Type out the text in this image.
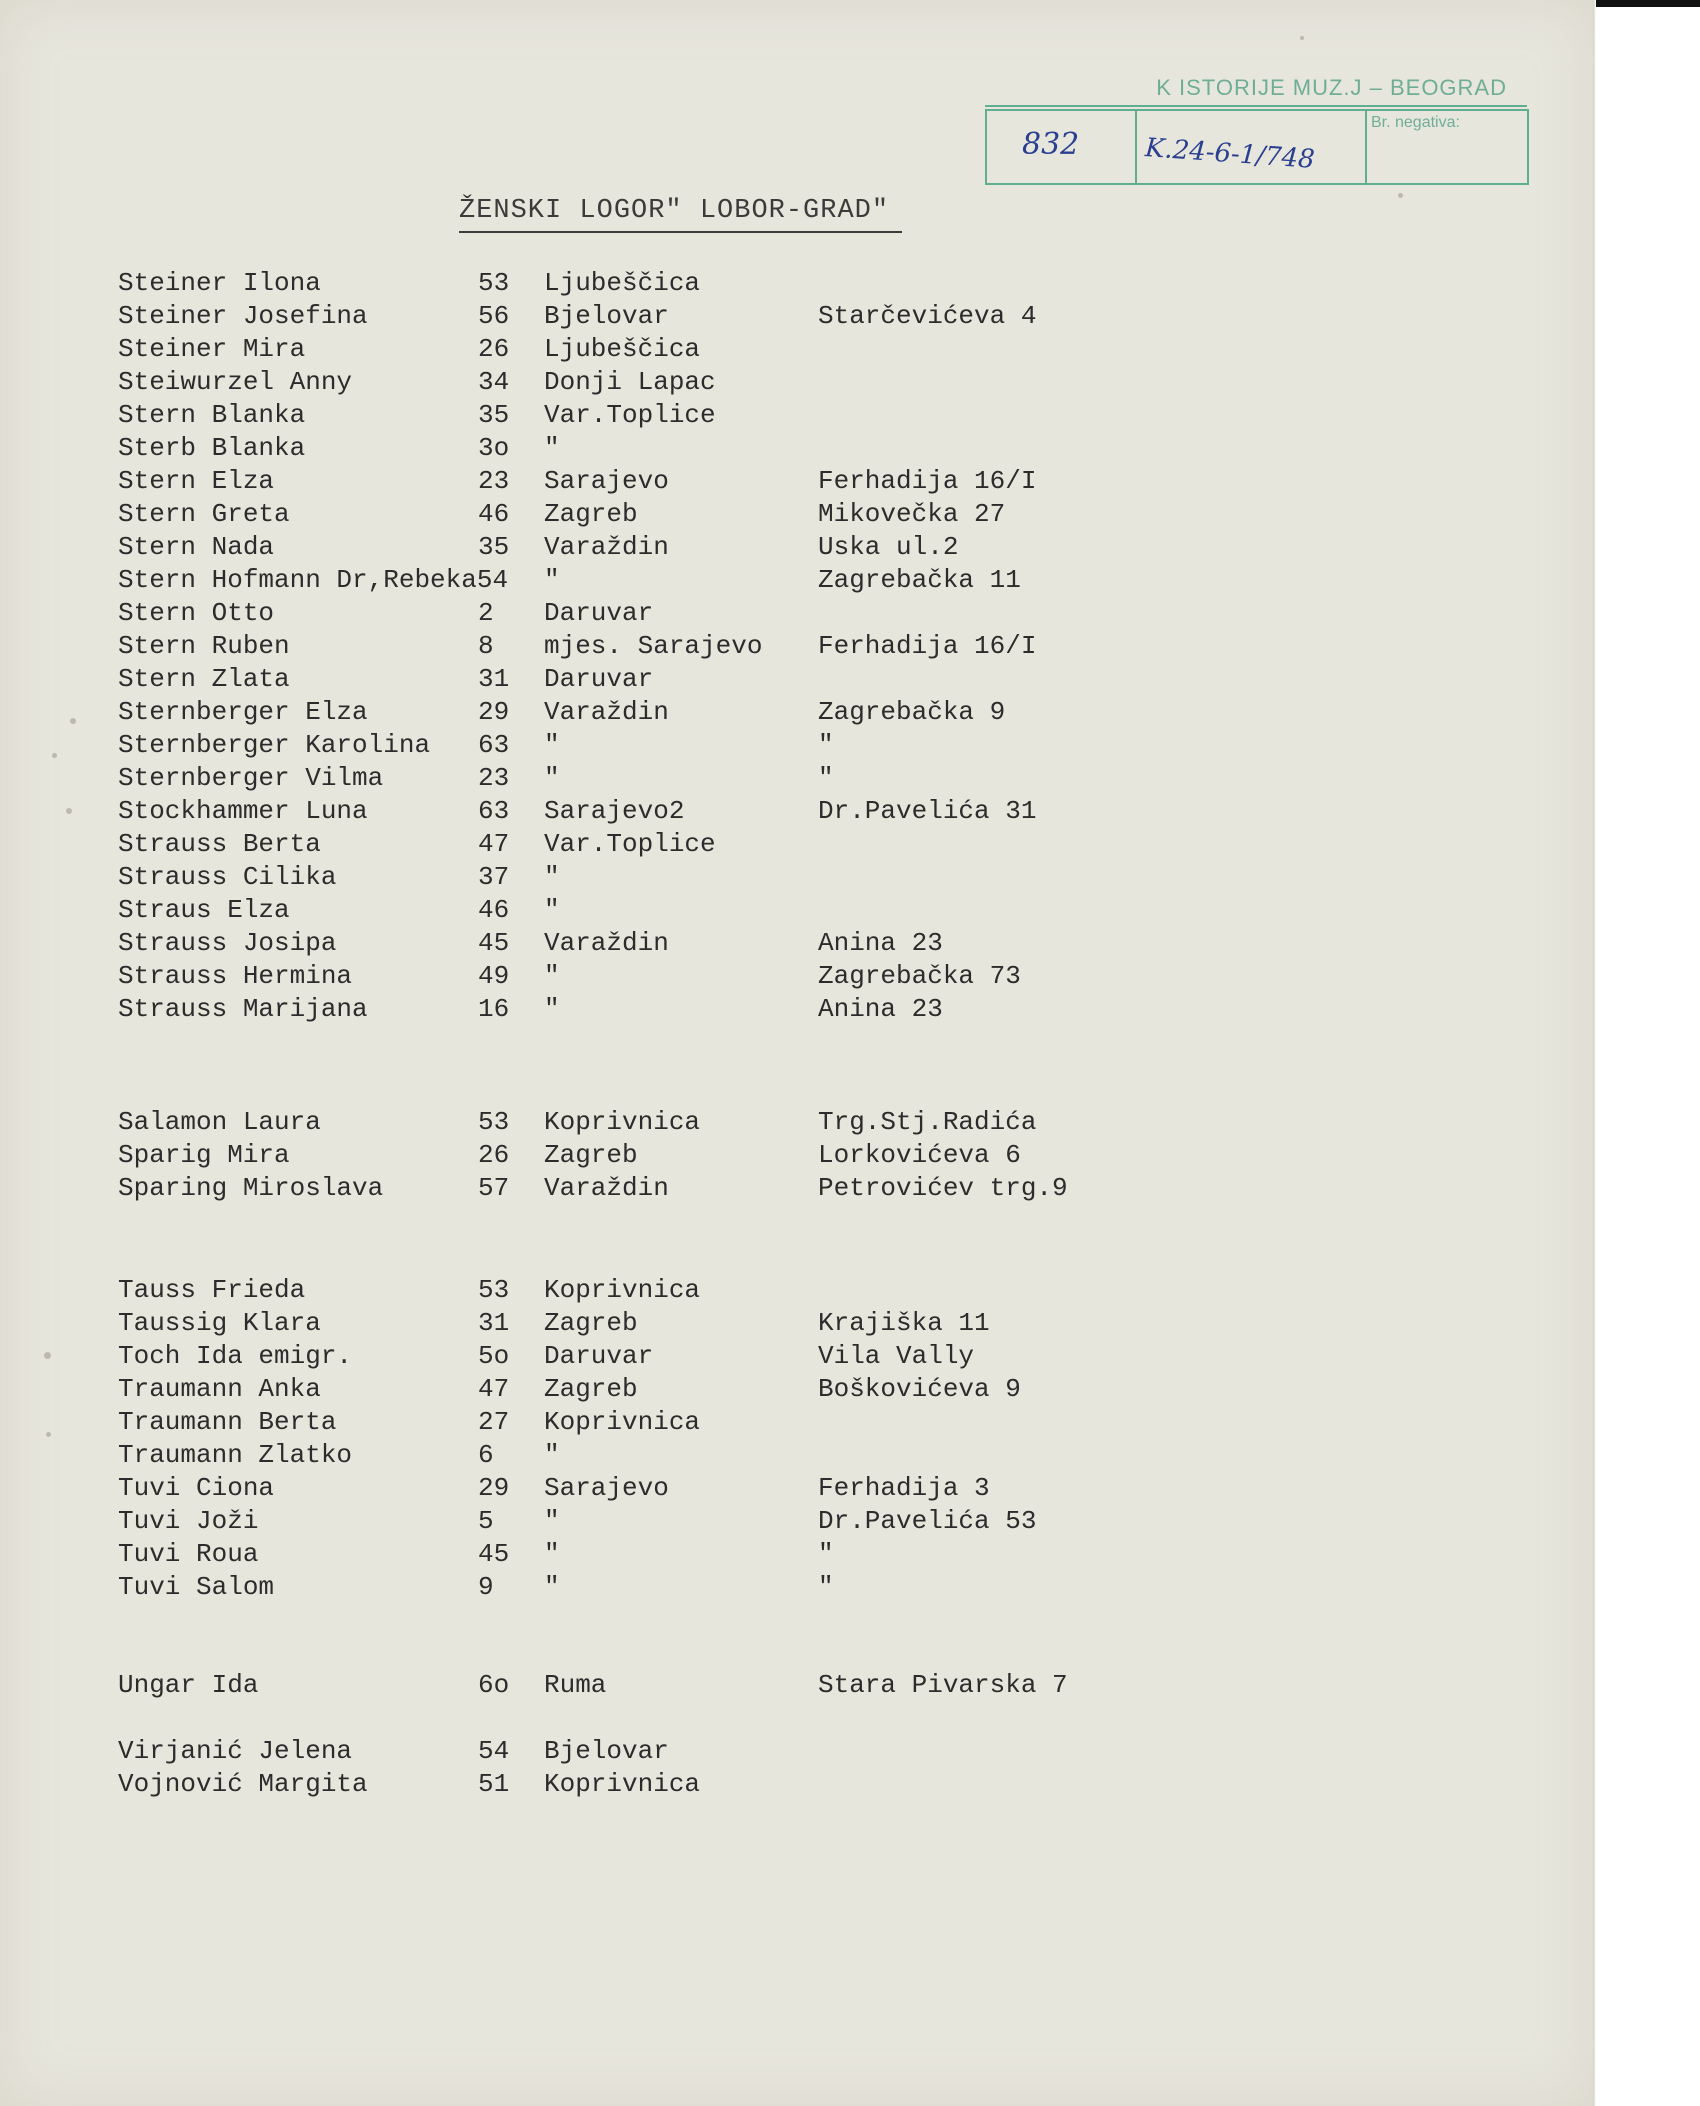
K ISTORIJE MUZ.J – BEOGRAD
Br. negativa:
832 K.24-6-1/748
ŽENSKI LOGOR" LOBOR-GRAD"
Steiner Ilona	53 Ljubeščica
Steiner Josefina	56 Bjelovar	Starčevićeva 4
Steiner Mira	26 Ljubeščica
Steiwurzel Anny	34 Donji Lapac
Stern Blanka	35 Var.Toplice
Sterb Blanka	3o "
Stern Elza	23 Sarajevo	Ferhadija 16/I
Stern Greta	46 Zagreb	Mikovečka 27
Stern Nada	35 Varaždin	Uska ul.2
Stern Hofmann Dr,Rebeka54 "	Zagrebačka 11
Stern Otto	2 Daruvar
Stern Ruben	8 mjes. Sarajevo Ferhadija 16/I
Stern Zlata	31 Daruvar
Sternberger Elza	29 Varaždin	Zagrebačka 9
Sternberger Karolina 63 "	"
Sternberger Vilma	23 "	"
Stockhammer Luna	63 Sarajevo2	Dr.Pavelića 31
Strauss Berta	47 Var.Toplice
Strauss Cilika	37 "
Straus Elza	46 "
Strauss Josipa	45 Varaždin	Anina 23
Strauss Hermina	49 "	Zagrebačka 73
Strauss Marijana	16 "	Anina 23
Salamon Laura	53 Koprivnica	Trg.Stj.Radića
Sparig Mira	26 Zagreb	Lorkovićeva 6
Sparing Miroslava	57 Varaždin	Petrovićev trg.9
Tauss Frieda	53 Koprivnica
Taussig Klara	31 Zagreb	Krajiška 11
Toch Ida emigr.	5o Daruvar	Vila Vally
Traumann Anka	47 Zagreb	Boškovićeva 9
Traumann Berta	27 Koprivnica
Traumann Zlatko	6 "
Tuvi Ciona	29 Sarajevo	Ferhadija 3
Tuvi Joži	5 "	Dr.Pavelića 53
Tuvi Roua	45 "	"
Tuvi Salom	9 "	"
Ungar Ida	6o Ruma	Stara Pivarska 7
Virjanić Jelena	54 Bjelovar
Vojnović Margita	51 Koprivnica
